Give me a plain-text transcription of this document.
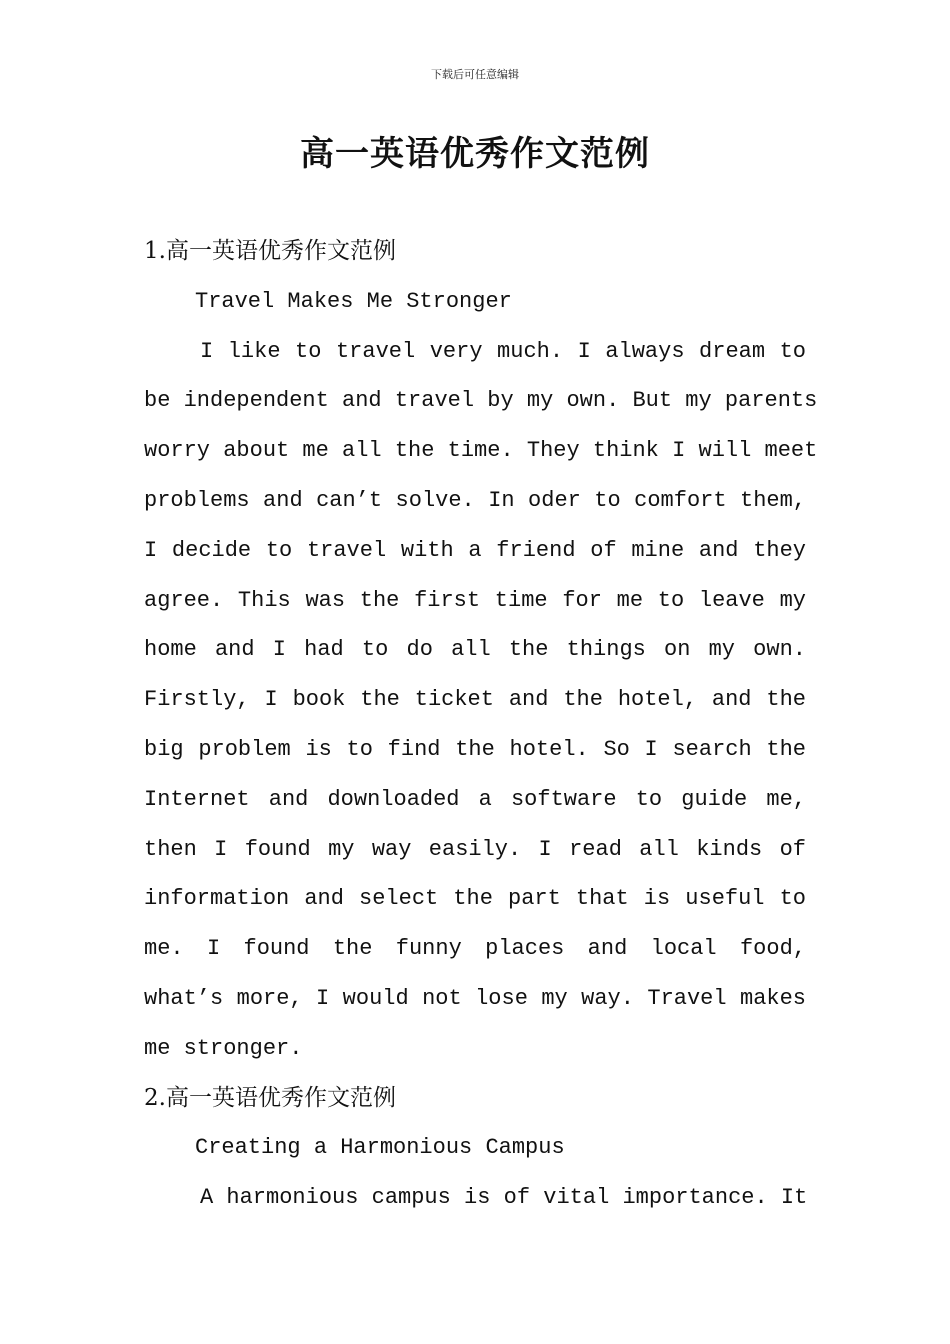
下载后可任意编辑
高一英语优秀作文范例
1.高一英语优秀作文范例
Travel Makes Me Stronger
I like to travel very much. I always dream to
be independent and travel by my own. But my parents
worry about me all the time. They think I will meet
problems and can’t solve. In oder to comfort them,
I decide to travel with a friend of mine and they
agree. This was the first time for me to leave my
home and I had to do all the things on my own.
Firstly, I book the ticket and the hotel, and the
big problem is to find the hotel. So I search the
Internet and downloaded a software to guide me,
then I found my way easily. I read all kinds of
information and select the part that is useful to
me. I found the funny places and local food,
what’s more, I would not lose my way. Travel makes
me stronger.
2.高一英语优秀作文范例
Creating a Harmonious Campus
A harmonious campus is of vital importance. It
